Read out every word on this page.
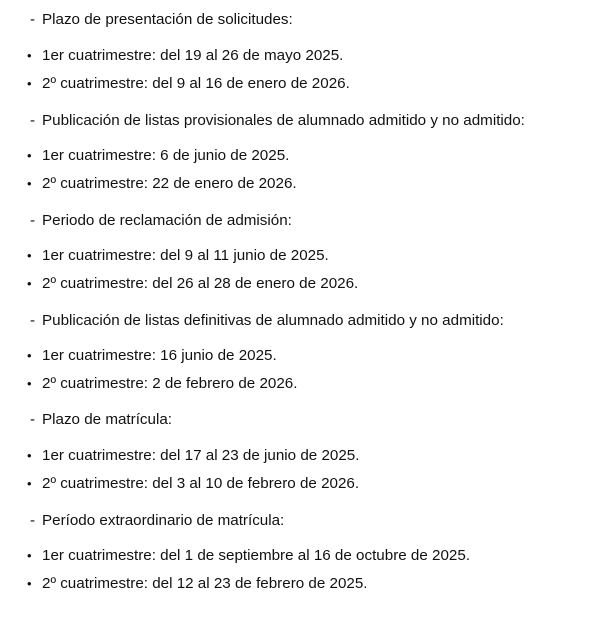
- Plazo de presentación de solicitudes:
• 1er cuatrimestre: del 19 al 26 de mayo 2025.
• 2º cuatrimestre: del 9 al 16 de enero de 2026.
- Publicación de listas provisionales de alumnado admitido y no admitido:
• 1er cuatrimestre: 6 de junio de 2025.
• 2º cuatrimestre: 22 de enero de 2026.
- Periodo de reclamación de admisión:
• 1er cuatrimestre: del 9 al 11 junio de 2025.
• 2º cuatrimestre: del 26 al 28 de enero de 2026.
- Publicación de listas definitivas de alumnado admitido y no admitido:
• 1er cuatrimestre: 16 junio de 2025.
• 2º cuatrimestre: 2 de febrero de 2026.
- Plazo de matrícula:
• 1er cuatrimestre: del 17 al 23 de junio de 2025.
• 2º cuatrimestre: del 3 al 10 de febrero de 2026.
- Período extraordinario de matrícula:
• 1er cuatrimestre: del 1 de septiembre al 16 de octubre de 2025.
• 2º cuatrimestre: del 12 al 23 de febrero de 2025.
